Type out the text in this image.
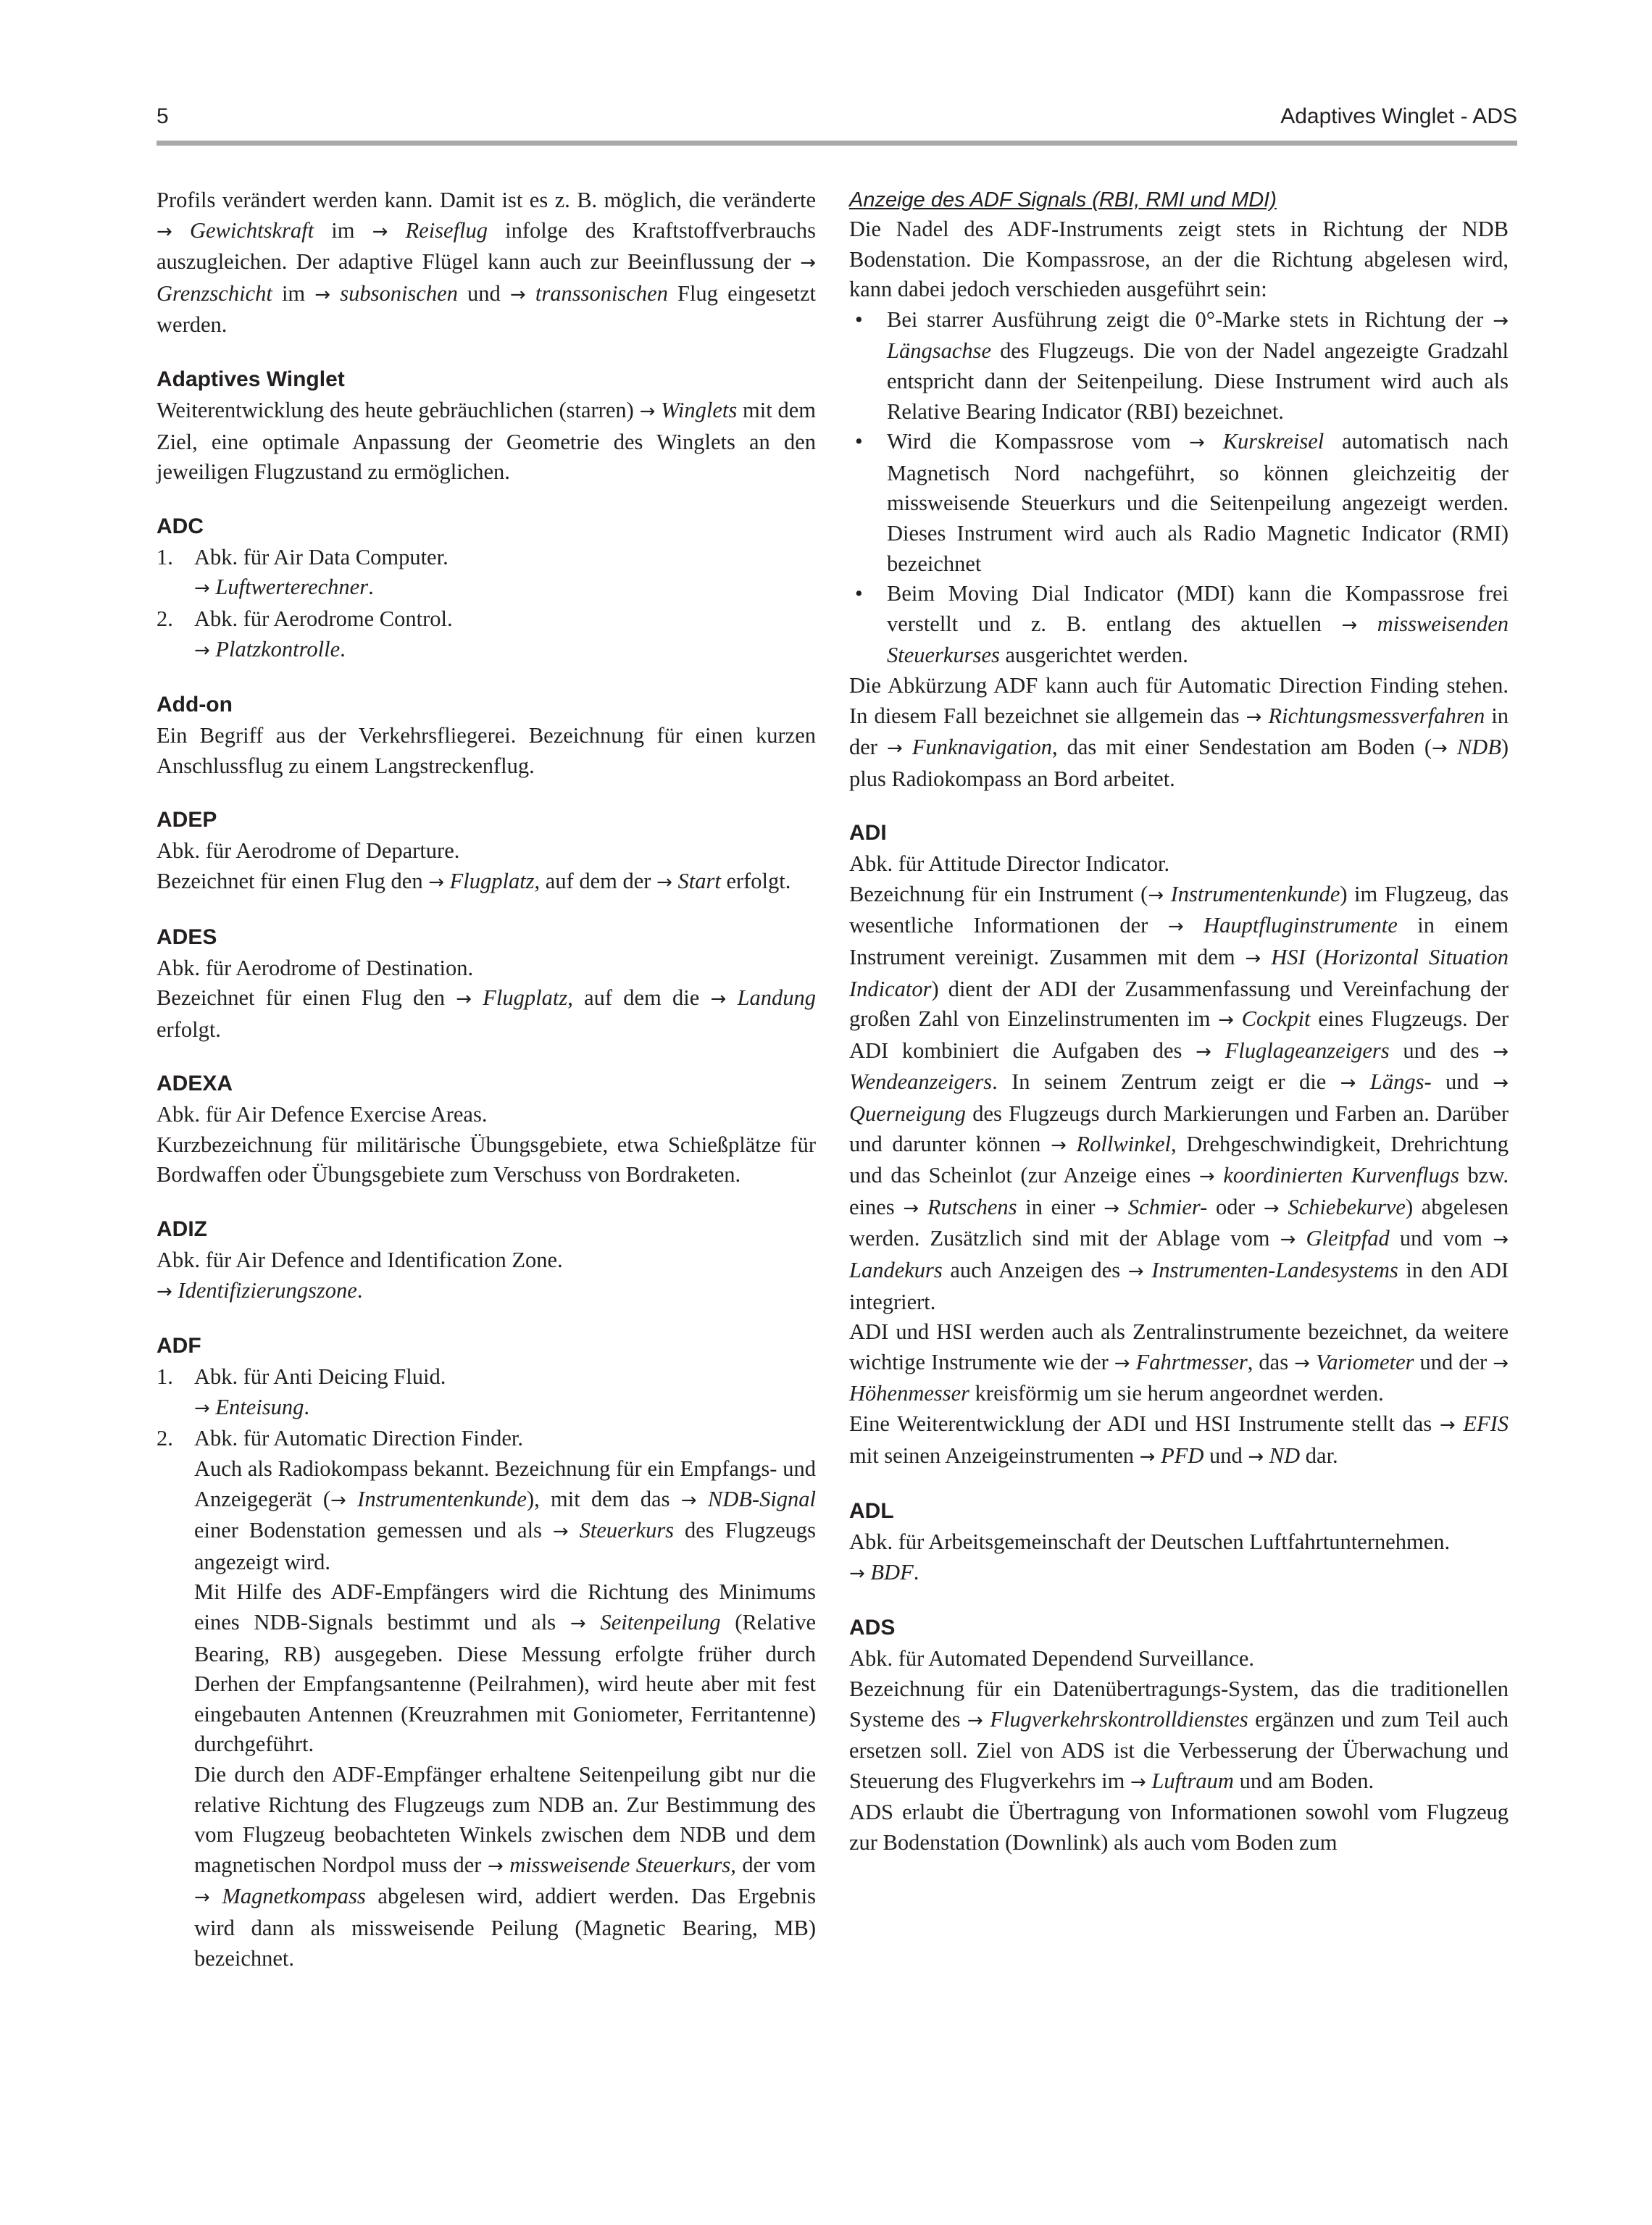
5	Adaptives Winglet - ADS

Profils verändert werden kann. Damit ist es z. B. möglich, die veränderte → Gewichtskraft im → Reiseflug infolge des Kraftstoffverbrauchs auszugleichen. Der adaptive Flügel kann auch zur Beeinflussung der → Grenzschicht im → subsonischen und → transsonischen Flug eingesetzt werden.

Adaptives Winglet

Weiterentwicklung des heute gebräuchlichen (starren) → Winglets mit dem Ziel, eine optimale Anpassung der Geometrie des Winglets an den jeweiligen Flugzustand zu ermöglichen.

ADC
1. Abk. für Air Data Computer.
→ Luftwerterechner.
2. Abk. für Aerodrome Control.
→ Platzkontrolle.
Add-on

Ein Begriff aus der Verkehrsfliegerei. Bezeichnung für einen kurzen Anschlussflug zu einem Langstreckenflug.

ADEP

Abk. für Aerodrome of Departure.

Bezeichnet für einen Flug den → Flugplatz, auf dem der → Start erfolgt.

ADES

Abk. für Aerodrome of Destination.

Bezeichnet für einen Flug den → Flugplatz, auf dem die → Landung erfolgt.

ADEXA

Abk. für Air Defence Exercise Areas.

Kurzbezeichnung für militärische Übungsgebiete, etwa Schießplätze für Bordwaffen oder Übungsgebiete zum Verschuss von Bordraketen.

ADIZ

Abk. für Air Defence and Identification Zone.

→ Identifizierungszone.

ADF
1. Abk. für Anti Deicing Fluid.
→ Enteisung.
2. Abk. für Automatic Direction Finder.

Auch als Radiokompass bekannt. Bezeichnung für ein Empfangs- und Anzeigegerät (→ Instrumentenkunde), mit dem das → NDB-Signal einer Bodenstation gemessen und als → Steuerkurs des Flugzeugs angezeigt wird.

Mit Hilfe des ADF-Empfängers wird die Richtung des Minimums eines NDB-Signals bestimmt und als → Seitenpeilung (Relative Bearing, RB) ausgegeben. Diese Messung erfolgte früher durch Derhen der Empfangsantenne (Peilrahmen), wird heute aber mit fest eingebauten Antennen (Kreuzrahmen mit Goniometer, Ferritantenne) durchgeführt.

Die durch den ADF-Empfänger erhaltene Seitenpeilung gibt nur die relative Richtung des Flugzeugs zum NDB an. Zur Bestimmung des vom Flugzeug beobachteten Winkels zwischen dem NDB und dem magnetischen Nordpol muss der → missweisende Steuerkurs, der vom → Magnetkompass abgelesen wird, addiert werden. Das Ergebnis wird dann als missweisende Peilung (Magnetic Bearing, MB) bezeichnet.

Anzeige des ADF Signals (RBI, RMI und MDI)

Die Nadel des ADF-Instruments zeigt stets in Richtung der NDB Bodenstation. Die Kompassrose, an der die Richtung abgelesen wird, kann dabei jedoch verschieden ausgeführt sein:

• Bei starrer Ausführung zeigt die 0°-Marke stets in Richtung der → Längsachse des Flugzeugs. Die von der Nadel angezeigte Gradzahl entspricht dann der Seitenpeilung. Diese Instrument wird auch als Relative Bearing Indicator (RBI) bezeichnet.
• Wird die Kompassrose vom → Kurskreisel automatisch nach Magnetisch Nord nachgeführt, so können gleichzeitig der missweisende Steuerkurs und die Seitenpeilung angezeigt werden. Dieses Instrument wird auch als Radio Magnetic Indicator (RMI) bezeichnet
• Beim Moving Dial Indicator (MDI) kann die Kompassrose frei verstellt und z. B. entlang des aktuellen → missweisenden Steuerkurses ausgerichtet werden.

Die Abkürzung ADF kann auch für Automatic Direction Finding stehen. In diesem Fall bezeichnet sie allgemein das → Richtungsmessverfahren in der → Funknavigation, das mit einer Sendestation am Boden (→ NDB) plus Radiokompass an Bord arbeitet.

ADI

Abk. für Attitude Director Indicator.

Bezeichnung für ein Instrument (→ Instrumentenkunde) im Flugzeug, das wesentliche Informationen der → Hauptfluginstrumente in einem Instrument vereinigt. Zusammen mit dem → HSI (Horizontal Situation Indicator) dient der ADI der Zusammenfassung und Vereinfachung der großen Zahl von Einzelinstrumenten im → Cockpit eines Flugzeugs. Der ADI kombiniert die Aufgaben des → Fluglageanzeigers und des → Wendeanzeigers. In seinem Zentrum zeigt er die → Längs- und → Querneigung des Flugzeugs durch Markierungen und Farben an. Darüber und darunter können → Rollwinkel, Drehgeschwindigkeit, Drehrichtung und das Scheinlot (zur Anzeige eines → koordinierten Kurvenflugs bzw. eines → Rutschens in einer → Schmier- oder → Schiebekurve) abgelesen werden. Zusätzlich sind mit der Ablage vom → Gleitpfad und vom → Landekurs auch Anzeigen des → Instrumenten-Landesystems in den ADI integriert.

ADI und HSI werden auch als Zentralinstrumente bezeichnet, da weitere wichtige Instrumente wie der → Fahrtmesser, das → Variometer und der → Höhenmesser kreisförmig um sie herum angeordnet werden.

Eine Weiterentwicklung der ADI und HSI Instrumente stellt das → EFIS mit seinen Anzeigeinstrumenten → PFD und → ND dar.

ADL

Abk. für Arbeitsgemeinschaft der Deutschen Luftfahrtunternehmen.

→ BDF.

ADS

Abk. für Automated Dependend Surveillance.

Bezeichnung für ein Datenübertragungs-System, das die traditionellen Systeme des → Flugverkehrskontrolldienstes ergänzen und zum Teil auch ersetzen soll. Ziel von ADS ist die Verbesserung der Überwachung und Steuerung des Flugverkehrs im → Luftraum und am Boden.

ADS erlaubt die Übertragung von Informationen sowohl vom Flugzeug zur Bodenstation (Downlink) als auch vom Boden zum
